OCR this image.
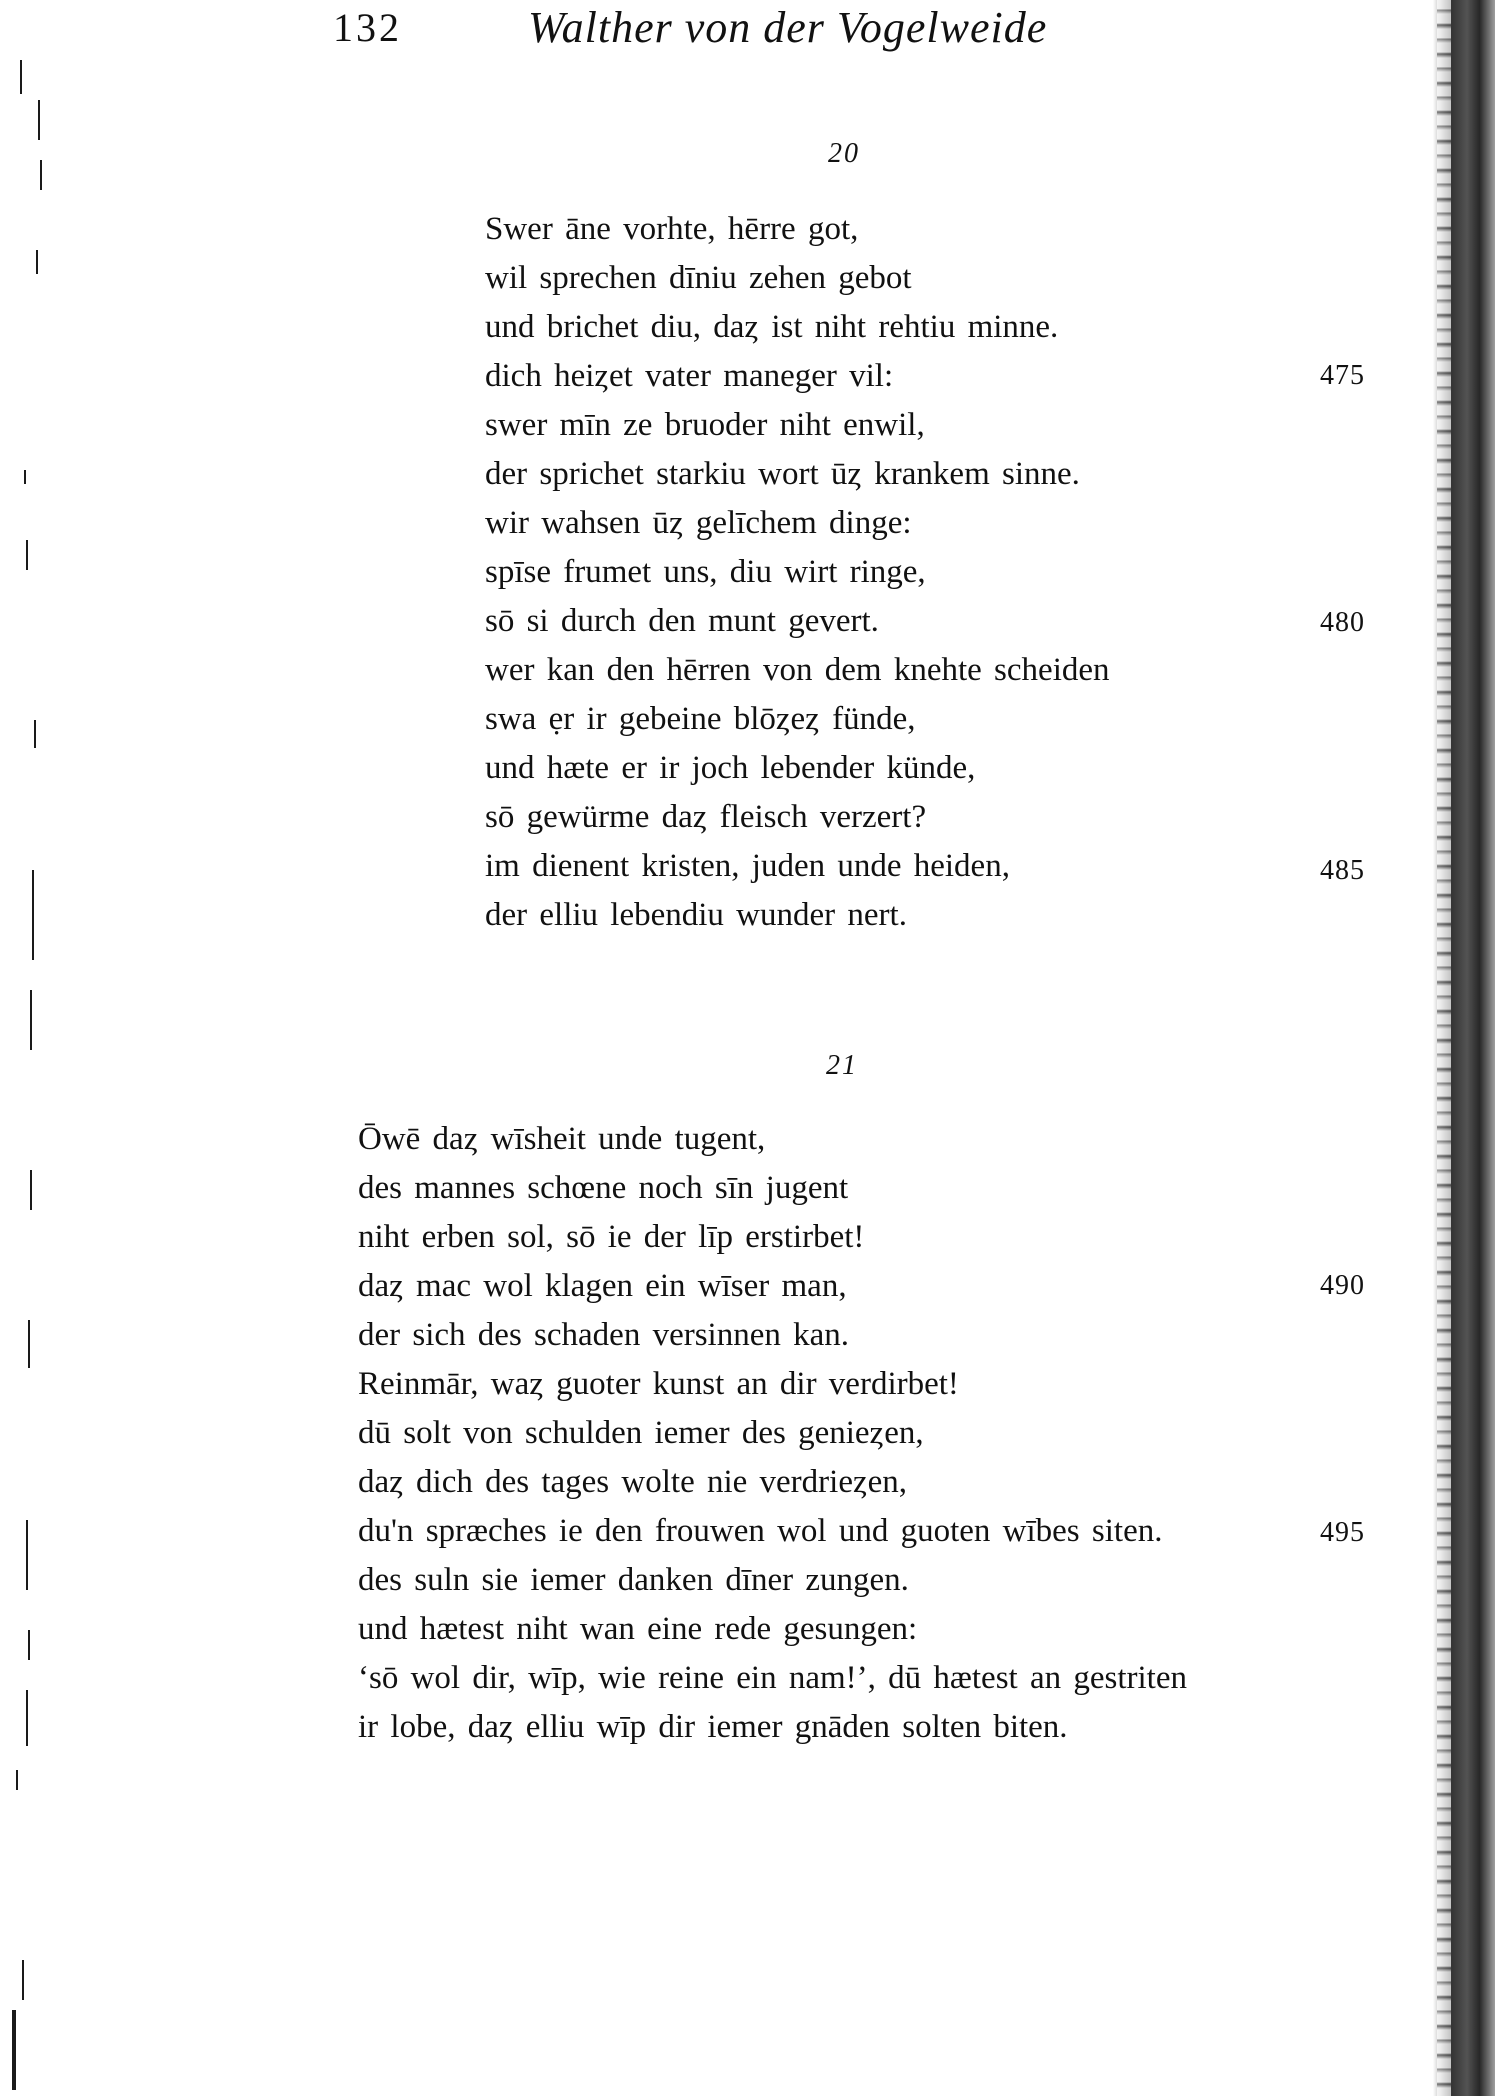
132	Walther von der Vogelweide
20
Swer āne vorhte, hērre got,
wil sprechen dīniu zehen gebot
und brichet diu, daȥ ist niht rehtiu minne.
dich heiȥet vater maneger vil:
swer mīn ze bruoder niht enwil,
der sprichet starkiu wort ūȥ krankem sinne.
wir wahsen ūȥ gelīchem dinge:
spīse frumet uns, diu wirt ringe,
sō si durch den munt gevert.
wer kan den hērren von dem knehte scheiden
swa ẹr ir gebeine blōȥeȥ fünde,
und hæte er ir joch lebender künde,
sō gewürme daȥ fleisch verzert?
im dienent kristen, juden unde heiden,
der elliu lebendiu wunder nert.
475
480
485
21
Ōwē daȥ wīsheit unde tugent,
des mannes schœne noch sīn jugent
niht erben sol, sō ie der līp erstirbet!
daȥ mac wol klagen ein wīser man,
der sich des schaden versinnen kan.
Reinmār, waȥ guoter kunst an dir verdirbet!
dū solt von schulden iemer des genieȥen,
daȥ dich des tages wolte nie verdrieȥen,
du'n spræches ie den frouwen wol und guoten wībes siten.
des suln sie iemer danken dīner zungen.
und hætest niht wan eine rede gesungen:
‘sō wol dir, wīp, wie reine ein nam!’, dū hætest an gestriten
ir lobe, daȥ elliu wīp dir iemer gnāden solten biten.
490
495
